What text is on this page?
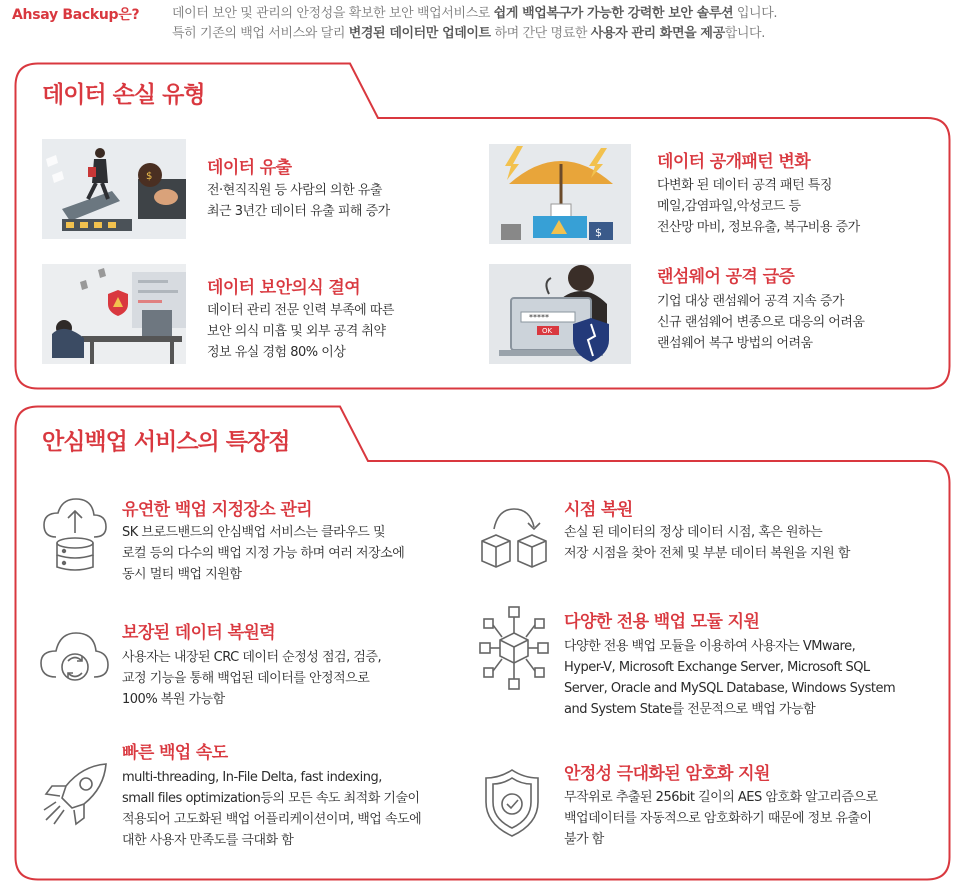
Ahsay Backup은?	데이터 보안 및 관리의 안정성을 확보한 보안 백업서비스로 쉽게 백업복구가 가능한 강력한 보안 솔루션 입니다.
특히 기존의 백업 서비스와 달리 변경된 데이터만 업데이트 하며 간단 명료한 사용자 관리 화면을 제공합니다.
데이터 손실 유형
$	데이터 유출
전·현직직원 등 사람의 의한 유출
최근 3년간 데이터 유출 피해 증가
$
데이터 공개패턴 변화
다변화 된 데이터 공격 패턴 특징
메일,감염파일,악성코드 등
전산망 마비, 정보유출, 복구비용 증가
데이터 보안의식 결여
데이터 관리 전문 인력 부족에 따른
보안 의식 미흡 및 외부 공격 취약
정보 유실 경험 80% 이상
*****
OK
랜섬웨어 공격 급증
기업 대상 랜섬웨어 공격 지속 증가
신규 랜섬웨어 변종으로 대응의 어려움
랜섬웨어 복구 방법의 어려움
안심백업 서비스의 특장점
유연한 백업 지정장소 관리
SK 브로드밴드의 안심백업 서비스는 클라우드 및
로컬 등의 다수의 백업 지정 가능 하며 여러 저장소에
동시 멀티 백업 지원함
시점 복원
손실 된 데이터의 정상 데이터 시점, 혹은 원하는
저장 시점을 찾아 전체 및 부분 데이터 복원을 지원 함
보장된 데이터 복원력
사용자는 내장된 CRC 데이터 순정성 점검, 검증,
교정 기능을 통해 백업된 데이터를 안정적으로
100% 복원 가능함
다양한 전용 백업 모듈 지원
다양한 전용 백업 모듈을 이용하여 사용자는 VMware,
Hyper-V, Microsoft Exchange Server, Microsoft SQL
Server, Oracle and MySQL Database, Windows System
and System State를 전문적으로 백업 가능함
빠른 백업 속도
multi-threading, In-File Delta, fast indexing,
small files optimization등의 모든 속도 최적화 기술이
적용되어 고도화된 백업 어플리케이션이며, 백업 속도에
대한 사용자 만족도를 극대화 함
안정성 극대화된 암호화 지원
무작위로 추출된 256bit 길이의 AES 암호화 알고리즘으로
백업데이터를 자동적으로 암호화하기 때문에 정보 유출이
불가 함
